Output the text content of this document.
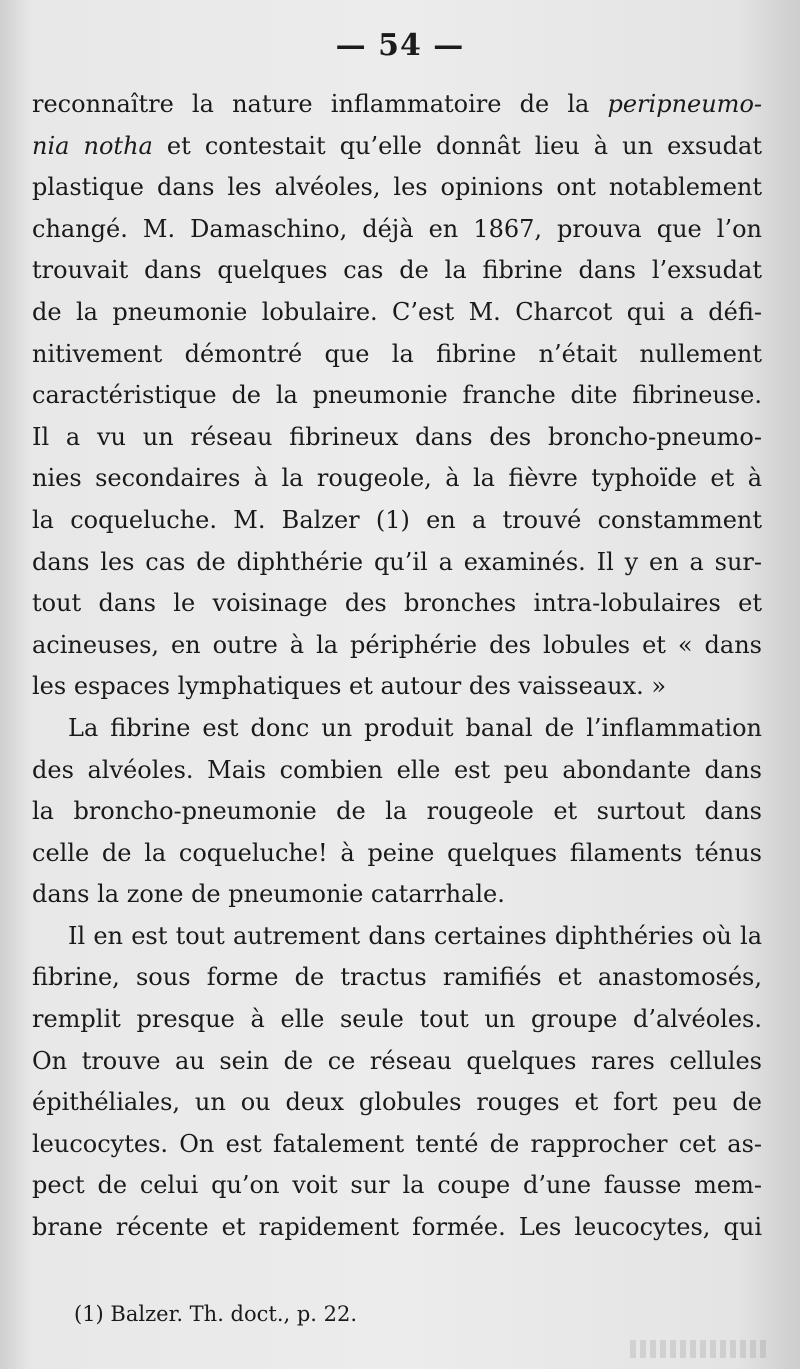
— 54 —
reconnaître la nature inflammatoire de la peripneumo-
nia notha et contestait qu’elle donnât lieu à un exsudat
plastique dans les alvéoles, les opinions ont notablement
changé. M. Damaschino, déjà en 1867, prouva que l’on
trouvait dans quelques cas de la fibrine dans l’exsudat
de la pneumonie lobulaire. C’est M. Charcot qui a défi-
nitivement démontré que la fibrine n’était nullement
caractéristique de la pneumonie franche dite fibrineuse.
Il a vu un réseau fibrineux dans des broncho-pneumo-
nies secondaires à la rougeole, à la fièvre typhoïde et à
la coqueluche. M. Balzer (1) en a trouvé constamment
dans les cas de diphthérie qu’il a examinés. Il y en a sur-
tout dans le voisinage des bronches intra-lobulaires et
acineuses, en outre à la périphérie des lobules et « dans
les espaces lymphatiques et autour des vaisseaux. »
La fibrine est donc un produit banal de l’inflammation
des alvéoles. Mais combien elle est peu abondante dans
la broncho-pneumonie de la rougeole et surtout dans
celle de la coqueluche! à peine quelques filaments ténus
dans la zone de pneumonie catarrhale.
Il en est tout autrement dans certaines diphthéries où la
fibrine, sous forme de tractus ramifiés et anastomosés,
remplit presque à elle seule tout un groupe d’alvéoles.
On trouve au sein de ce réseau quelques rares cellules
épithéliales, un ou deux globules rouges et fort peu de
leucocytes. On est fatalement tenté de rapprocher cet as-
pect de celui qu’on voit sur la coupe d’une fausse mem-
brane récente et rapidement formée. Les leucocytes, qui
(1) Balzer. Th. doct., p. 22.
